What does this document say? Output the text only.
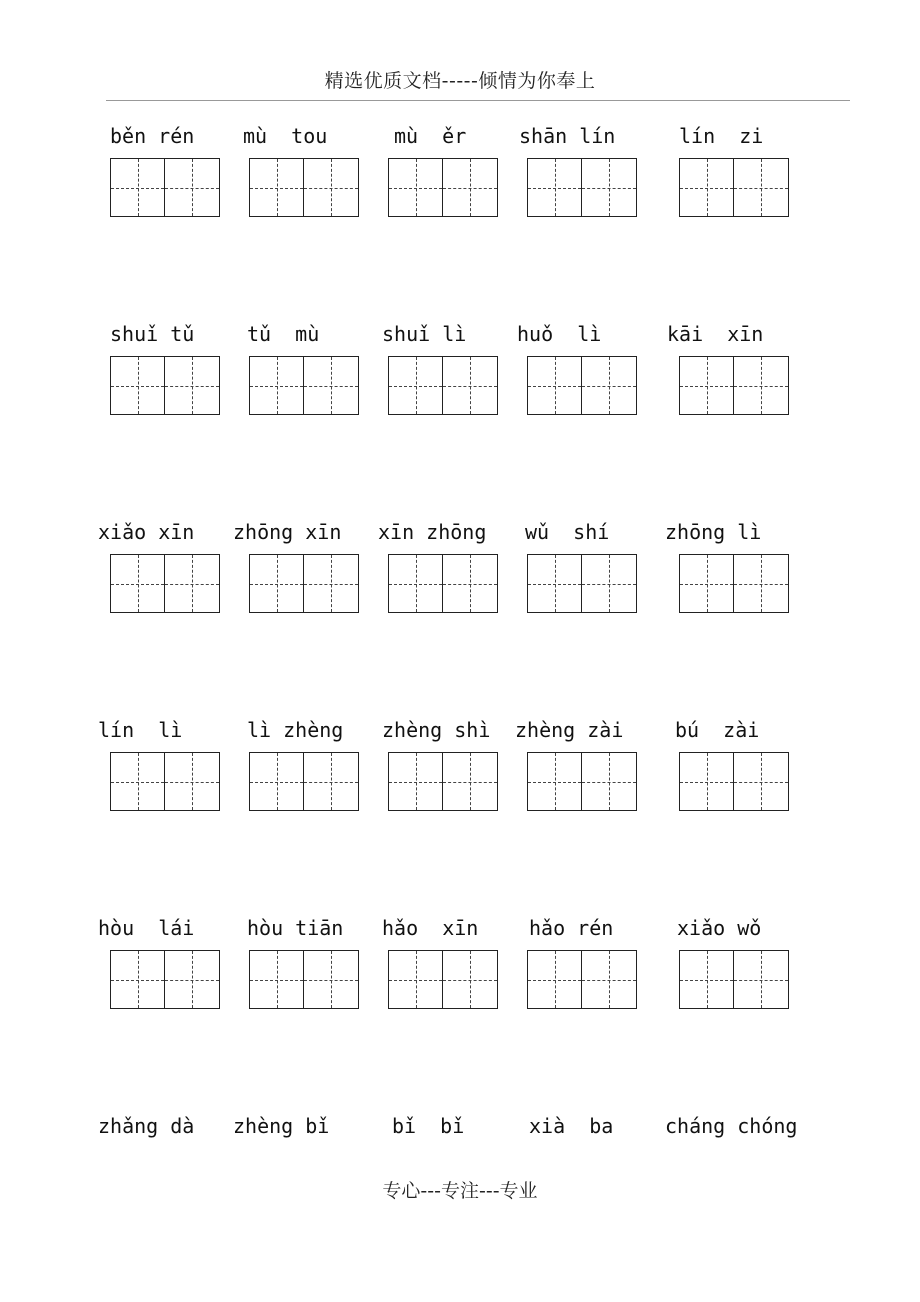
精选优质文档-----倾情为你奉上
běn rén	mù  tou	mù  ěr	shān lín	lín  zi
shuǐ tǔ	tǔ  mù	shuǐ lì	huǒ  lì	kāi  xīn
xiǎo xīn	zhōng xīn	xīn zhōng	wǔ  shí	zhōng lì
lín  lì	lì zhèng	zhèng shì	zhèng zài	bú  zài
hòu  lái	hòu tiān	hǎo  xīn	hǎo rén	xiǎo wǒ
zhǎng dà	zhèng bǐ	bǐ  bǐ	xià  ba	cháng chóng
专心---专注---专业
